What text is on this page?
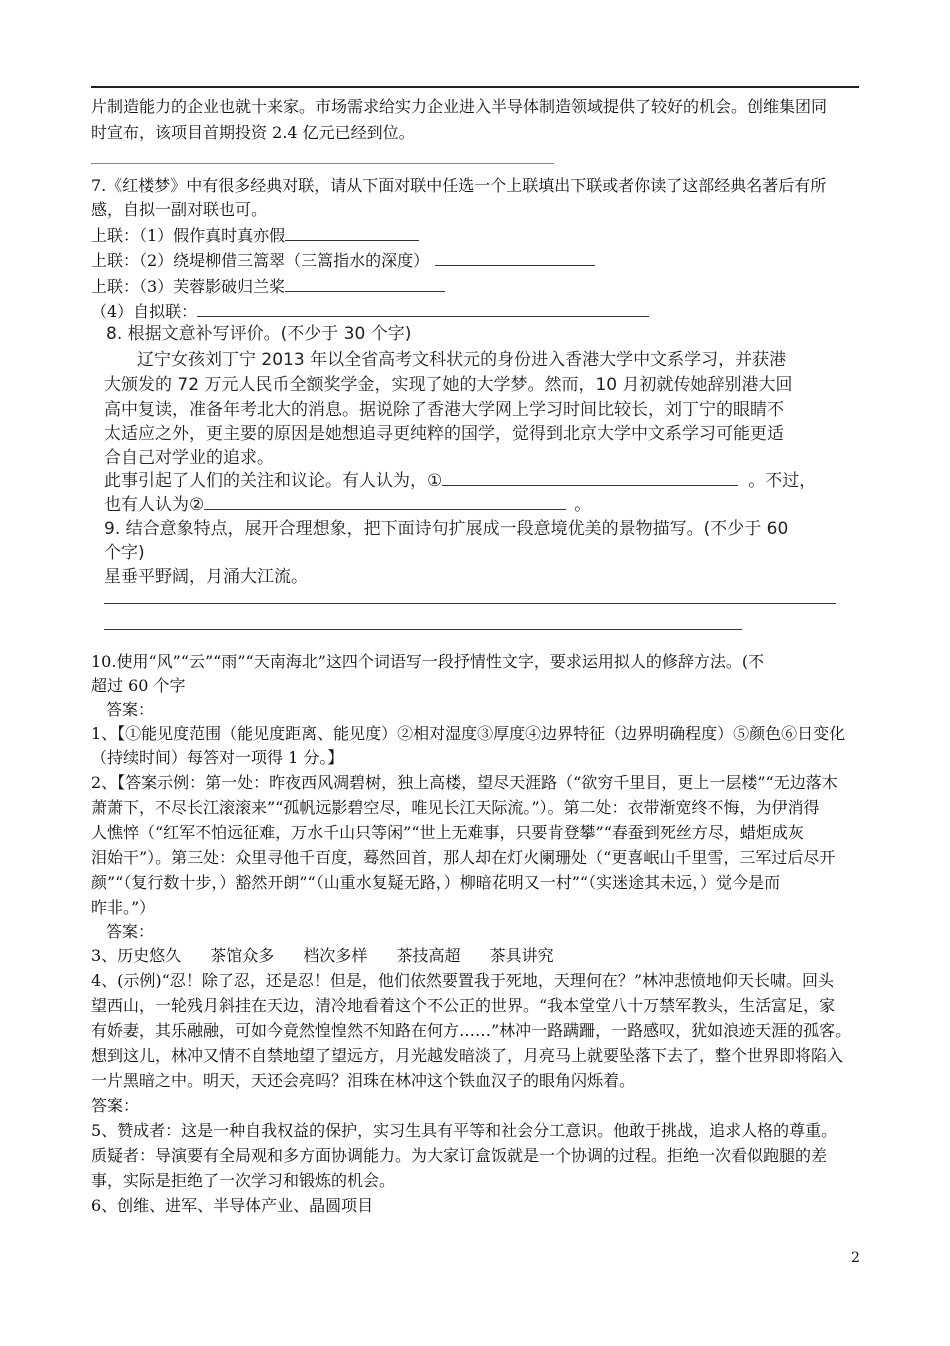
片制造能力的企业也就十来家。市场需求给实力企业进入半导体制造领域提供了较好的机会。创维集团同
时宣布，该项目首期投资 2.4 亿元已经到位。
7.《红楼梦》中有很多经典对联，请从下面对联中任选一个上联填出下联或者你读了这部经典名著后有所
感，自拟一副对联也可。
上联：（1）假作真时真亦假
上联：（2）绕堤柳借三篙翠（三篙指水的深度）
上联：（3）芙蓉影破归兰桨
（4）自拟联：
8. 根据文意补写评价。(不少于 30 个字)
辽宁女孩刘丁宁 2013 年以全省高考文科状元的身份进入香港大学中文系学习，并获港
大颁发的 72 万元人民币全额奖学金，实现了她的大学梦。然而，10 月初就传她辞别港大回
高中复读，准备年考北大的消息。据说除了香港大学网上学习时间比较长，刘丁宁的眼睛不
太适应之外，更主要的原因是她想追寻更纯粹的国学，觉得到北京大学中文系学习可能更适
合自己对学业的追求。
此事引起了人们的关注和议论。有人认为，①	。不过，
也有人认为②	。
9. 结合意象特点，展开合理想象，把下面诗句扩展成一段意境优美的景物描写。(不少于 60
个字)
星垂平野阔，月涌大江流。
10.使用“风”“云”“雨”“天南海北”这四个词语写一段抒情性文字，要求运用拟人的修辞方法。(不
超过 60 个字
答案：
1、【①能见度范围（能见度距离、能见度）②相对湿度③厚度④边界特征（边界明确程度）⑤颜色⑥日变化
（持续时间）每答对一项得 1 分。】
2、【答案示例：第一处：昨夜西风凋碧树，独上高楼，望尽天涯路（“欲穷千里目，更上一层楼”“无边落木
萧萧下，不尽长江滚滚来”“孤帆远影碧空尽，唯见长江天际流。”）。第二处：衣带渐宽终不悔，为伊消得
人憔悴（“红军不怕远征难，万水千山只等闲”“世上无难事，只要肯登攀”“春蚕到死丝方尽，蜡炬成灰
泪始干”）。第三处：众里寻他千百度，蓦然回首，那人却在灯火阑珊处（“更喜岷山千里雪，三军过后尽开
颜”“（复行数十步，）豁然开朗”“（山重水复疑无路，）柳暗花明又一村”“（实迷途其未远，）觉今是而
昨非。”）
答案：
3、历史悠久 茶馆众多 档次多样 茶技高超 茶具讲究
4、(示例)“忍！除了忍，还是忍！但是，他们依然要置我于死地，天理何在？”林冲悲愤地仰天长啸。回头
望西山，一轮残月斜挂在天边，清冷地看着这个不公正的世界。“我本堂堂八十万禁军教头，生活富足，家
有娇妻，其乐融融，可如今竟然惶惶然不知路在何方……”林冲一路蹒跚，一路感叹，犹如浪迹天涯的孤客。
想到这儿，林冲又情不自禁地望了望远方，月光越发暗淡了，月亮马上就要坠落下去了，整个世界即将陷入
一片黑暗之中。明天，天还会亮吗？泪珠在林冲这个铁血汉子的眼角闪烁着。
答案：
5、赞成者：这是一种自我权益的保护，实习生具有平等和社会分工意识。他敢于挑战，追求人格的尊重。
质疑者：导演要有全局观和多方面协调能力。为大家订盒饭就是一个协调的过程。拒绝一次看似跑腿的差
事，实际是拒绝了一次学习和锻炼的机会。
6、创维、进军、半导体产业、晶圆项目
2
